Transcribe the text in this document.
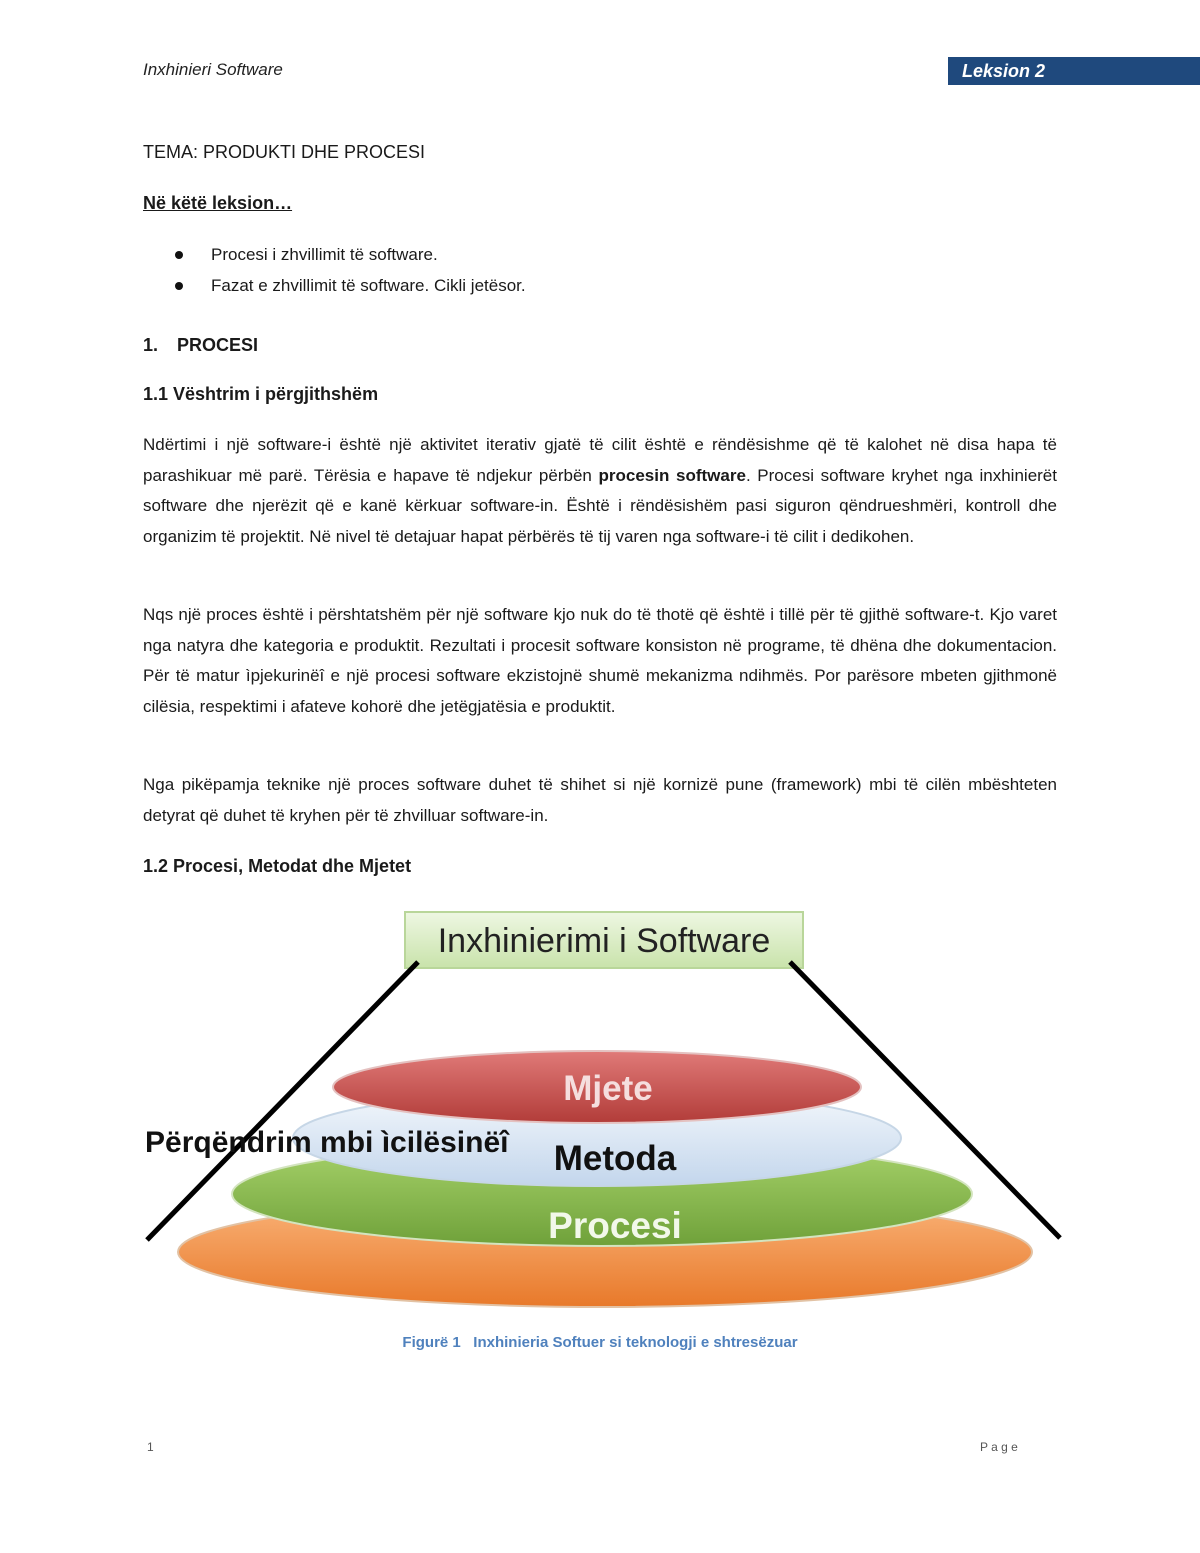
Inxhinieri Software	Leksion 2
TEMA: PRODUKTI DHE PROCESI
Në këtë leksion…
Procesi i zhvillimit të software.
Fazat e zhvillimit të software. Cikli jetësor.
1. PROCESI
1.1 Vështrim i përgjithshëm

Ndërtimi i një software-i është një aktivitet iterativ gjatë të cilit është e rëndësishme që të kalohet në disa hapa të parashikuar më parë. Tërësia e hapave të ndjekur përbën procesin software. Procesi software kryhet nga inxhinierët software dhe njerëzit që e kanë kërkuar software-in. Është i rëndësishëm pasi siguron qëndrueshmëri, kontroll dhe organizim të projektit. Në nivel të detajuar hapat përbërës të tij varen nga software-i të cilit i dedikohen.

Nqs një proces është i përshtatshëm për një software kjo nuk do të thotë që është i tillë për të gjithë software-t. Kjo varet nga natyra dhe kategoria e produktit. Rezultati i procesit software konsiston në programe, të dhëna dhe dokumentacion. Për të matur ìpjekurinëî e një procesi software ekzistojnë shumë mekanizma ndihmës. Por parësore mbeten gjithmonë cilësia, respektimi i afateve kohorë dhe jetëgjatësia e produktit.

Nga pikëpamja teknike një proces software duhet të shihet si një kornizë pune (framework) mbi të cilën mbështeten detyrat që duhet të kryhen për të zhvilluar software-in.

1.2 Procesi, Metodat dhe Mjetet
Inxhinierimi i Software
Mjete
Metoda
Procesi
Përqëndrim mbi ìcilësinëî
Figurë 1 Inxhinieria Softuer si teknologji e shtresëzuar
1	P a g e
